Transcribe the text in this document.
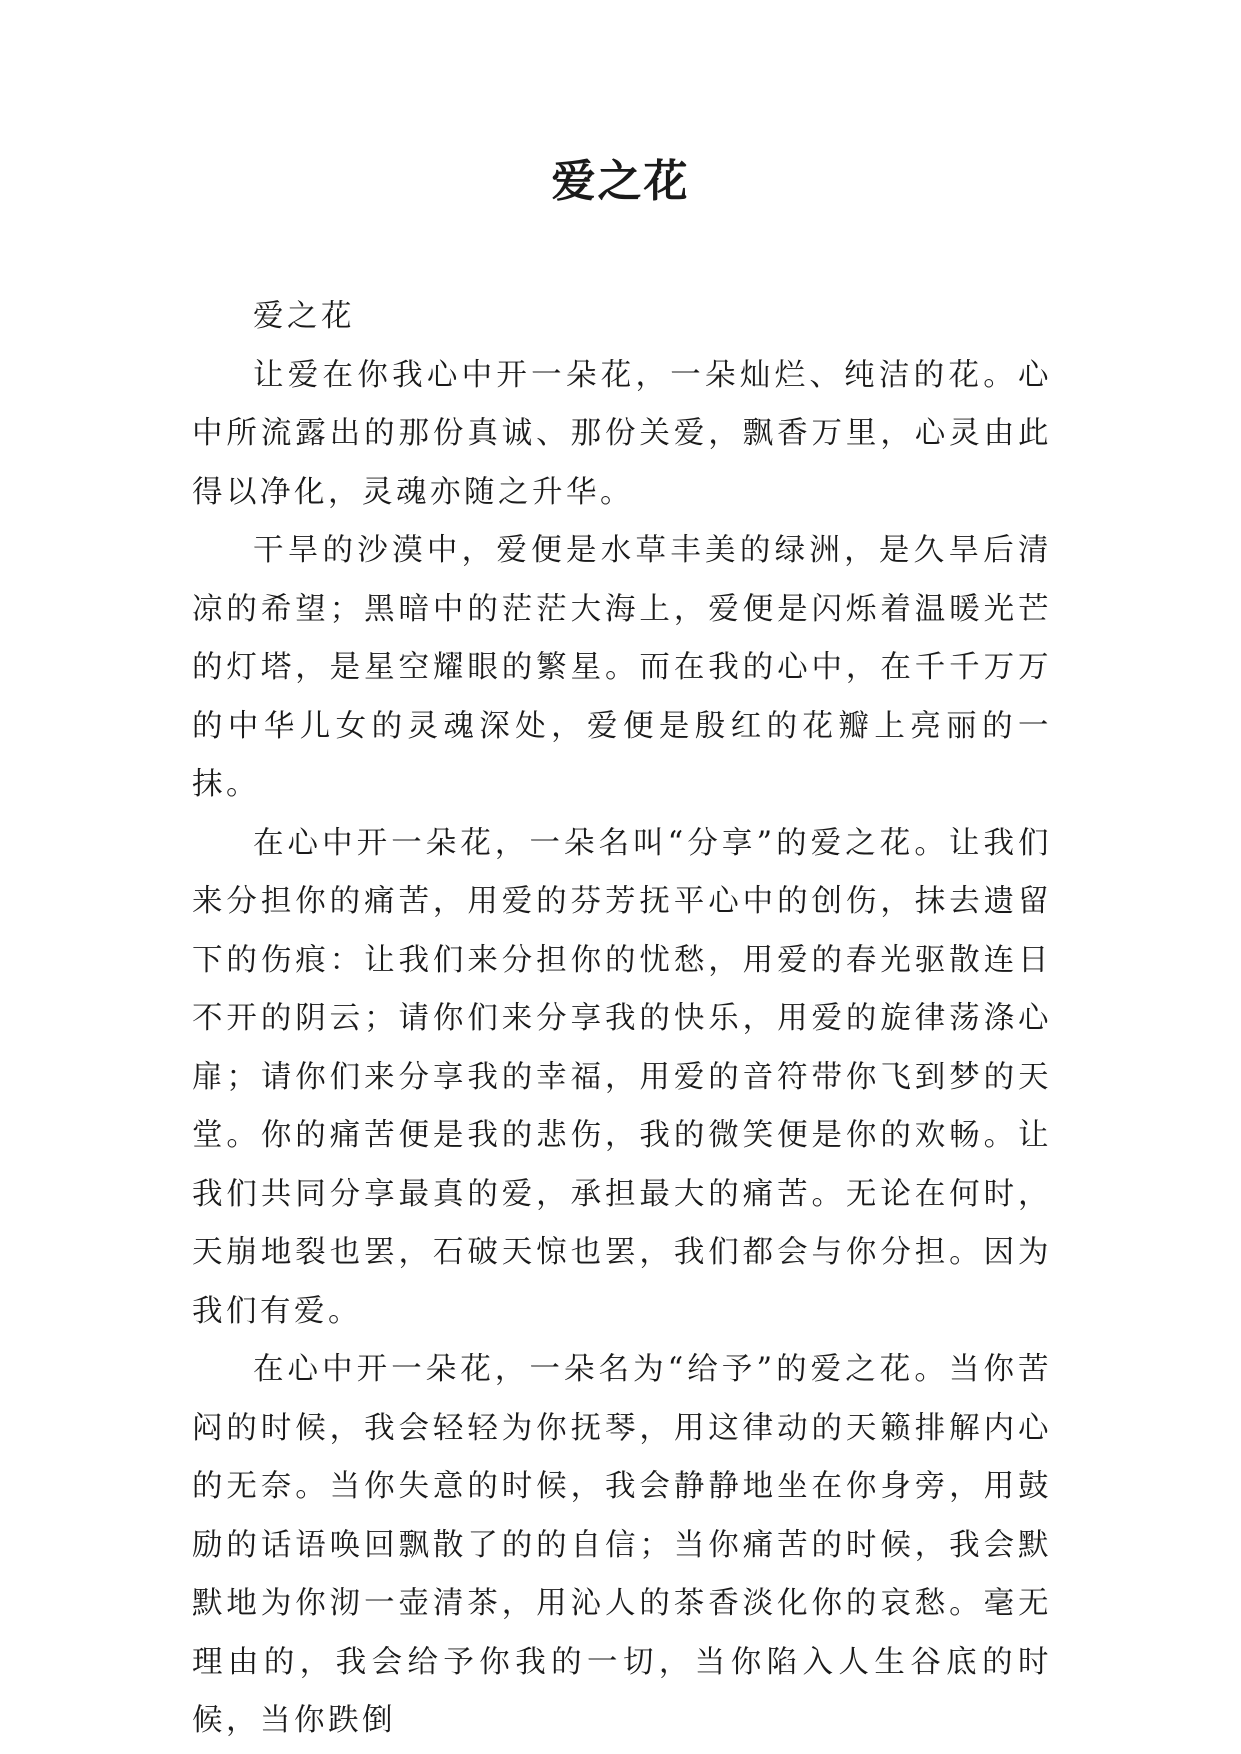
爱之花

爱之花

让爱在你我心中开一朵花，一朵灿烂、纯洁的花。心中所流露出的那份真诚、那份关爱，飘香万里，心灵由此得以净化，灵魂亦随之升华。

干旱的沙漠中，爱便是水草丰美的绿洲，是久旱后清凉的希望；黑暗中的茫茫大海上，爱便是闪烁着温暖光芒的灯塔，是星空耀眼的繁星。而在我的心中，在千千万万的中华儿女的灵魂深处，爱便是殷红的花瓣上亮丽的一抹。

在心中开一朵花，一朵名叫“分享”的爱之花。让我们来分担你的痛苦，用爱的芬芳抚平心中的创伤，抹去遗留下的伤痕：让我们来分担你的忧愁，用爱的春光驱散连日不开的阴云；请你们来分享我的快乐，用爱的旋律荡涤心扉；请你们来分享我的幸福，用爱的音符带你飞到梦的天堂。你的痛苦便是我的悲伤，我的微笑便是你的欢畅。让我们共同分享最真的爱，承担最大的痛苦。无论在何时，天崩地裂也罢，石破天惊也罢，我们都会与你分担。因为我们有爱。

在心中开一朵花，一朵名为“给予”的爱之花。当你苦闷的时候，我会轻轻为你抚琴，用这律动的天籁排解内心的无奈。当你失意的时候，我会静静地坐在你身旁，用鼓励的话语唤回飘散了的的自信；当你痛苦的时候，我会默默地为你沏一壶清茶，用沁人的茶香淡化你的哀愁。毫无理由的，我会给予你我的一切，当你陷入人生谷底的时候，当你跌倒
